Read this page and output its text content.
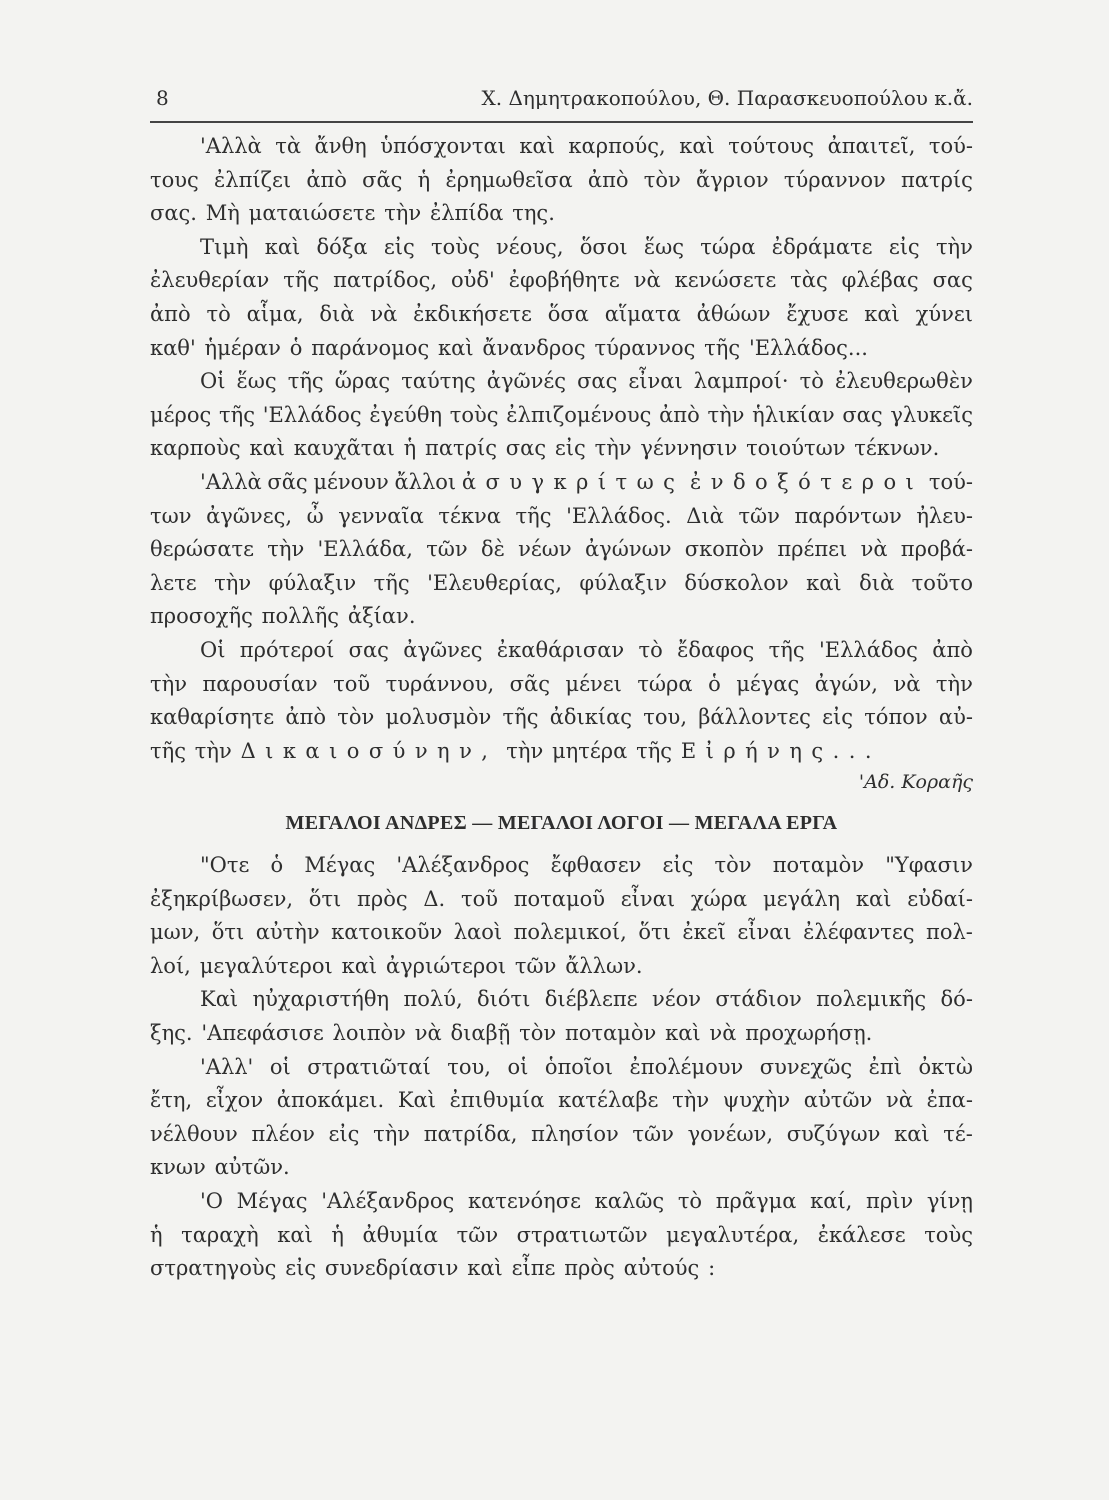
8	Χ. Δημητρακοπούλου, Θ. Παρασκευοπούλου κ.ἄ.
'Αλλὰ τὰ ἄνθη ὑπόσχονται καὶ καρπούς, καὶ τούτους ἀπαιτεῖ, τού-
τους ἐλπίζει ἀπὸ σᾶς ἡ ἐρημωθεῖσα ἀπὸ τὸν ἄγριον τύραννον πατρίς
σας. Μὴ ματαιώσετε τὴν ἐλπίδα της.
Τιμὴ καὶ δόξα εἰς τοὺς νέους, ὅσοι ἕως τώρα ἐδράματε εἰς τὴν
ἐλευθερίαν τῆς πατρίδος, οὐδ' ἐφοβήθητε νὰ κενώσετε τὰς φλέβας σας
ἀπὸ τὸ αἷμα, διὰ νὰ ἐκδικήσετε ὅσα αἵματα ἀθώων ἔχυσε καὶ χύνει
καθ' ἡμέραν ὁ παράνομος καὶ ἄνανδρος τύραννος τῆς 'Ελλάδος...
Οἱ ἕως τῆς ὥρας ταύτης ἀγῶνές σας εἶναι λαμπροί· τὸ ἐλευθερωθὲν
μέρος τῆς 'Ελλάδος ἐγεύθη τοὺς ἐλπιζομένους ἀπὸ τὴν ἡλικίαν σας γλυκεῖς
καρποὺς καὶ καυχᾶται ἡ πατρίς σας εἰς τὴν γέννησιν τοιούτων τέκνων.
'Αλλὰ σᾶς μένουν ἄλλοι ἀσυγκρίτως ἐνδοξότεροι τού-
των ἀγῶνες, ὦ γενναῖα τέκνα τῆς 'Ελλάδος. Διὰ τῶν παρόντων ἠλευ-
θερώσατε τὴν 'Ελλάδα, τῶν δὲ νέων ἀγώνων σκοπὸν πρέπει νὰ προβά-
λετε τὴν φύλαξιν τῆς 'Ελευθερίας, φύλαξιν δύσκολον καὶ διὰ τοῦτο
προσοχῆς πολλῆς ἀξίαν.
Οἱ πρότεροί σας ἀγῶνες ἐκαθάρισαν τὸ ἔδαφος τῆς 'Ελλάδος ἀπὸ
τὴν παρουσίαν τοῦ τυράννου, σᾶς μένει τώρα ὁ μέγας ἀγών, νὰ τὴν
καθαρίσητε ἀπὸ τὸν μολυσμὸν τῆς ἀδικίας του, βάλλοντες εἰς τόπον αὐ-
τῆς τὴν Δικαιοσύνην, τὴν μητέρα τῆς Εἰρήνης...
'Αδ. Κοραῆς
ΜΕΓΑΛΟΙ ΑΝΔΡΕΣ — ΜΕΓΑΛΟΙ ΛΟΓΟΙ — ΜΕΓΑΛΑ ΕΡΓΑ
"Οτε ὁ Μέγας 'Αλέξανδρος ἔφθασεν εἰς τὸν ποταμὸν "Υφασιν
ἐξηκρίβωσεν, ὅτι πρὸς Δ. τοῦ ποταμοῦ εἶναι χώρα μεγάλη καὶ εὐδαί-
μων, ὅτι αὐτὴν κατοικοῦν λαοὶ πολεμικοί, ὅτι ἐκεῖ εἶναι ἐλέφαντες πολ-
λοί, μεγαλύτεροι καὶ ἀγριώτεροι τῶν ἄλλων.
Καὶ ηὐχαριστήθη πολύ, διότι διέβλεπε νέον στάδιον πολεμικῆς δό-
ξης. 'Απεφάσισε λοιπὸν νὰ διαβῇ τὸν ποταμὸν καὶ νὰ προχωρήσῃ.
'Αλλ' οἱ στρατιῶταί του, οἱ ὁποῖοι ἐπολέμουν συνεχῶς ἐπὶ ὀκτὼ
ἔτη, εἶχον ἀποκάμει. Καὶ ἐπιθυμία κατέλαβε τὴν ψυχὴν αὐτῶν νὰ ἐπα-
νέλθουν πλέον εἰς τὴν πατρίδα, πλησίον τῶν γονέων, συζύγων καὶ τέ-
κνων αὐτῶν.
'Ο Μέγας 'Αλέξανδρος κατενόησε καλῶς τὸ πρᾶγμα καί, πρὶν γίνῃ
ἡ ταραχὴ καὶ ἡ ἀθυμία τῶν στρατιωτῶν μεγαλυτέρα, ἐκάλεσε τοὺς
στρατηγοὺς εἰς συνεδρίασιν καὶ εἶπε πρὸς αὐτούς :
